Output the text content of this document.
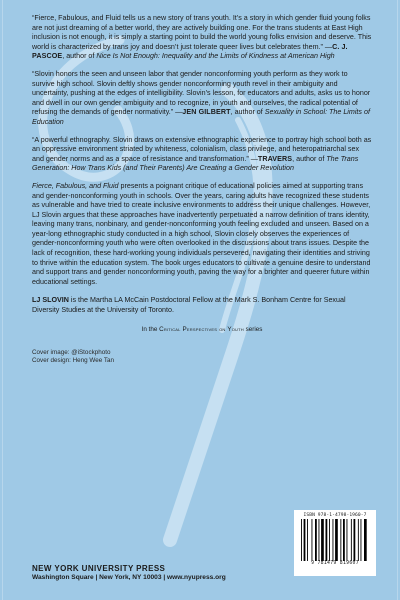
“Fierce, Fabulous, and Fluid tells us a new story of trans youth. It’s a story in which gender fluid young folks are not just dreaming of a better world, they are actively building one. For the trans students at East High inclusion is not enough, it is simply a starting point to build the world young folks envision and deserve. This world is characterized by trans joy and doesn’t just tolerate queer lives but celebrates them.” —C. J. PASCOE, author of Nice Is Not Enough: Inequality and the Limits of Kindness at American High

“Slovin honors the seen and unseen labor that gender nonconforming youth perform as they work to survive high school. Slovin deftly shows gender nonconforming youth revel in their ambiguity and uncertainty, pushing at the edges of intelligibility. Slovin’s lesson, for educators and adults, asks us to honor and dwell in our own gender ambiguity and to recognize, in youth and ourselves, the radical potential of refusing the demands of gender normativity.” —JEN GILBERT, author of Sexuality in School: The Limits of Education

“A powerful ethnography. Slovin draws on extensive ethnographic experience to portray high school both as an oppressive environment striated by whiteness, colonialism, class privilege, and heteropatriarchal sex and gender norms and as a space of resistance and transformation.” —TRAVERS, author of The Trans Generation: How Trans Kids (and Their Parents) Are Creating a Gender Revolution

Fierce, Fabulous, and Fluid presents a poignant critique of educational policies aimed at supporting trans and gender-nonconforming youth in schools. Over the years, caring adults have recognized these students as vulnerable and have tried to create inclusive environments to address their unique challenges. However, LJ Slovin argues that these approaches have inadvertently perpetuated a narrow definition of trans identity, leaving many trans, nonbinary, and gender-nonconforming youth feeling excluded and unseen. Based on a year-long ethnographic study conducted in a high school, Slovin closely observes the experiences of gender-nonconforming youth who were often overlooked in the discussions about trans issues. Despite the lack of recognition, these hard-working young individuals persevered, navigating their identities and striving to thrive within the education system. The book urges educators to cultivate a genuine desire to understand and support trans and gender nonconforming youth, paving the way for a brighter and queerer future within educational settings.

LJ SLOVIN is the Martha LA McCain Postdoctoral Fellow at the Mark S. Bonham Centre for Sexual Diversity Studies at the University of Toronto.

In the Critical Perspectives on Youth series

Cover image: @iStockphoto
Cover design: Heng Wee Tan
NEW YORK UNIVERSITY PRESS
Washington Square | New York, NY 10003 | www.nyupress.org
ISBN 978-1-4798-1960-7
9 781479 819607
